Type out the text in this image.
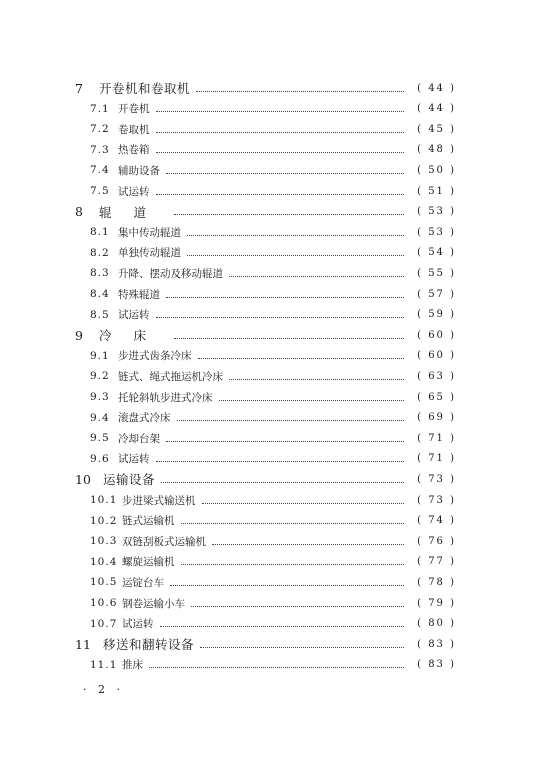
7	开卷机和卷取机	( 44 )
7.1 开卷机	( 44 )
7.2 卷取机	( 45 )
7.3 热卷箱	( 48 )
7.4 辅助设备	( 50 )
7.5 试运转	( 51 )
8	辊道	( 53 )
8.1 集中传动辊道	( 53 )
8.2 单独传动辊道	( 54 )
8.3 升降、摆动及移动辊道	( 55 )
8.4 特殊辊道	( 57 )
8.5 试运转	( 59 )
9	冷床	( 60 )
9.1 步进式齿条冷床	( 60 )
9.2 链式、绳式拖运机冷床	( 63 )
9.3 托轮斜轨步进式冷床	( 65 )
9.4 滚盘式冷床	( 69 )
9.5 冷却台架	( 71 )
9.6 试运转	( 71 )
10 运输设备	( 73 )
10.1 步进梁式输送机	( 73 )
10.2 链式运输机	( 74 )
10.3 双链刮板式运输机	( 76 )
10.4 螺旋运输机	( 77 )
10.5 运锭台车	( 78 )
10.6 钢卷运输小车	( 79 )
10.7 试运转	( 80 )
11 移送和翻转设备	( 83 )
11.1 推床	( 83 )
· 2 ·
